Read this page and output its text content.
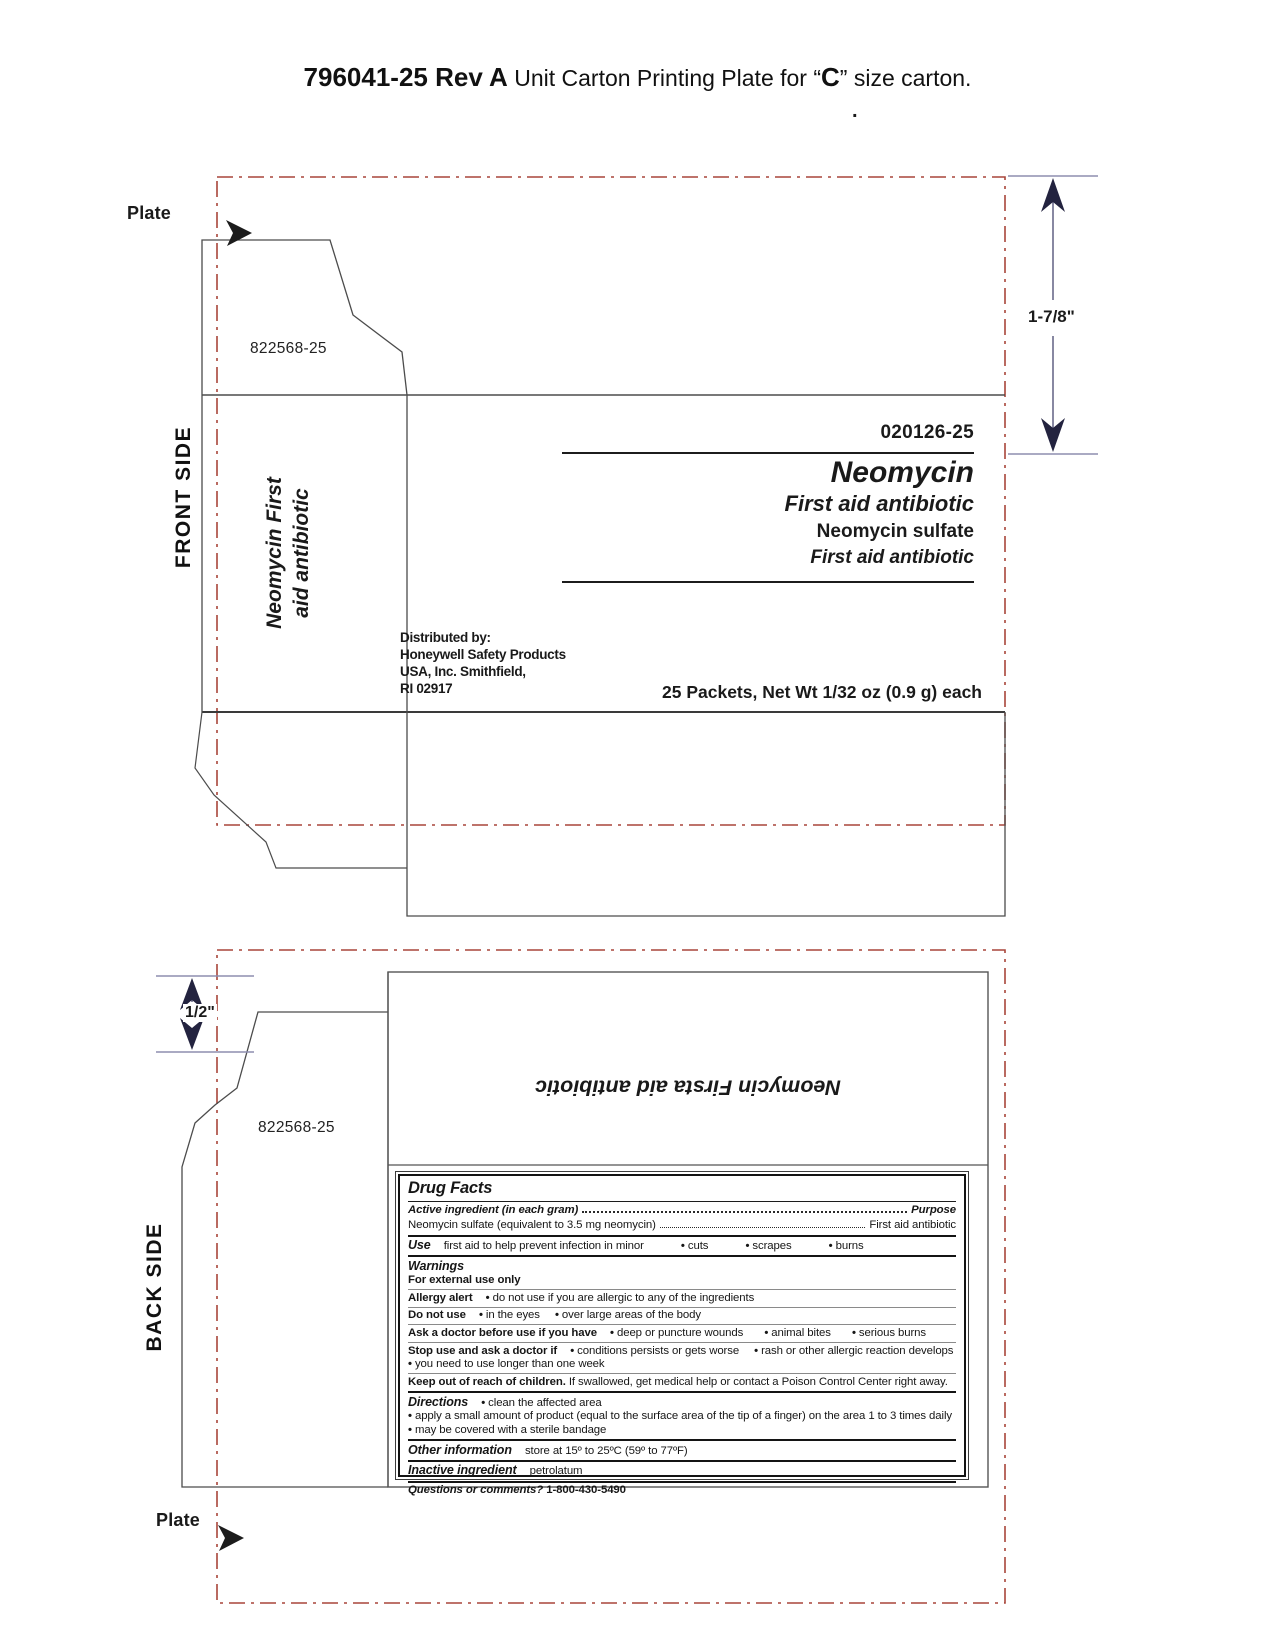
796041-25 Rev A Unit Carton Printing Plate for “C” size carton.
.
Plate
822568-25
FRONT SIDE	Neomycin First aid antibiotic
020126-25
Neomycin
First aid antibiotic
Neomycin sulfate
First aid antibiotic
Distributed by:
Honeywell Safety Products
USA, Inc. Smithfield,
RI 02917	25 Packets, Net Wt 1/32 oz (0.9 g) each
1-7/8"
1/2"
822568-25
BACK SIDE
Neomycin Firsta aid antibiotic
Plate
Drug Facts
Active ingredient (in each gram)	Purpose
Neomycin sulfate (equivalent to 3.5 mg neomycin)	First aid antibiotic
Use first aid to help prevent infection in minor	• cuts	• scrapes	• burns
Warnings
For external use only
Allergy alert • do not use if you are allergic to any of the ingredients
Do not use • in the eyes • over large areas of the body
Ask a doctor before use if you have • deep or puncture wounds • animal bites • serious burns
Stop use and ask a doctor if • conditions persists or gets worse • rash or other allergic reaction develops
• you need to use longer than one week
Keep out of reach of children. If swallowed, get medical help or contact a Poison Control Center right away.
Directions • clean the affected area
• apply a small amount of product (equal to the surface area of the tip of a finger) on the area 1 to 3 times daily
• may be covered with a sterile bandage
Other information store at 15º to 25ºC (59º to 77ºF)
Inactive ingredient petrolatum
Questions or comments? 1-800-430-5490
